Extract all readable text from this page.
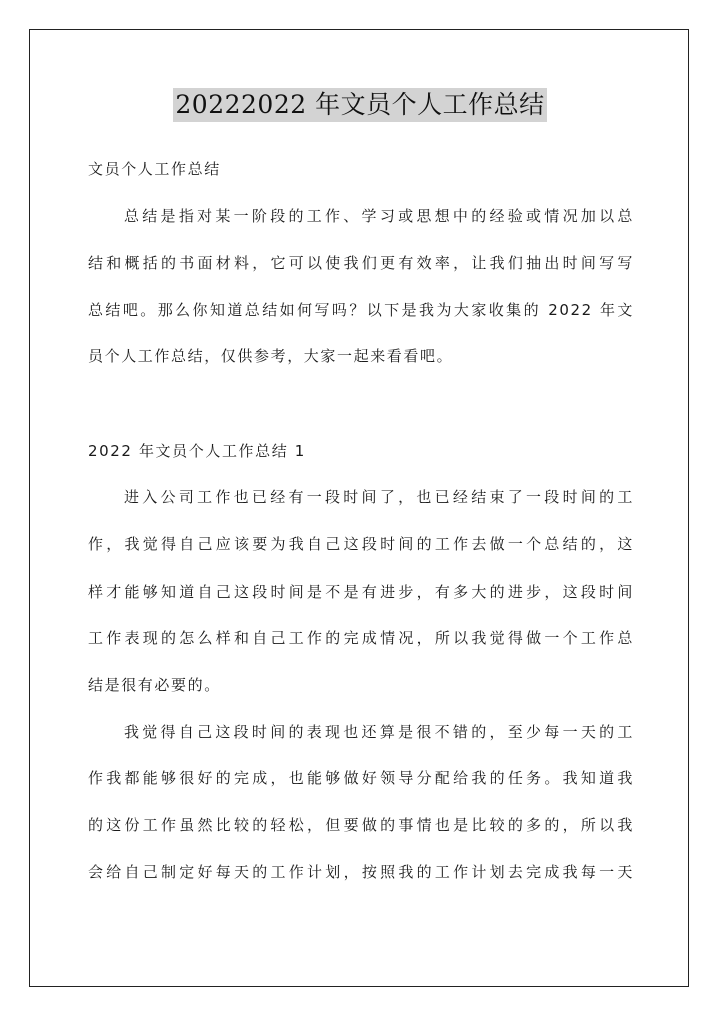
20222022 年文员个人工作总结
文员个人工作总结
总结是指对某一阶段的工作、学习或思想中的经验或情况加以总
结和概括的书面材料，它可以使我们更有效率，让我们抽出时间写写
总结吧。那么你知道总结如何写吗？以下是我为大家收集的 2022 年文
员个人工作总结，仅供参考，大家一起来看看吧。
2022 年文员个人工作总结 1
进入公司工作也已经有一段时间了，也已经结束了一段时间的工
作，我觉得自己应该要为我自己这段时间的工作去做一个总结的，这
样才能够知道自己这段时间是不是有进步，有多大的进步，这段时间
工作表现的怎么样和自己工作的完成情况，所以我觉得做一个工作总
结是很有必要的。
我觉得自己这段时间的表现也还算是很不错的，至少每一天的工
作我都能够很好的完成，也能够做好领导分配给我的任务。我知道我
的这份工作虽然比较的轻松，但要做的事情也是比较的多的，所以我
会给自己制定好每天的工作计划，按照我的工作计划去完成我每一天
